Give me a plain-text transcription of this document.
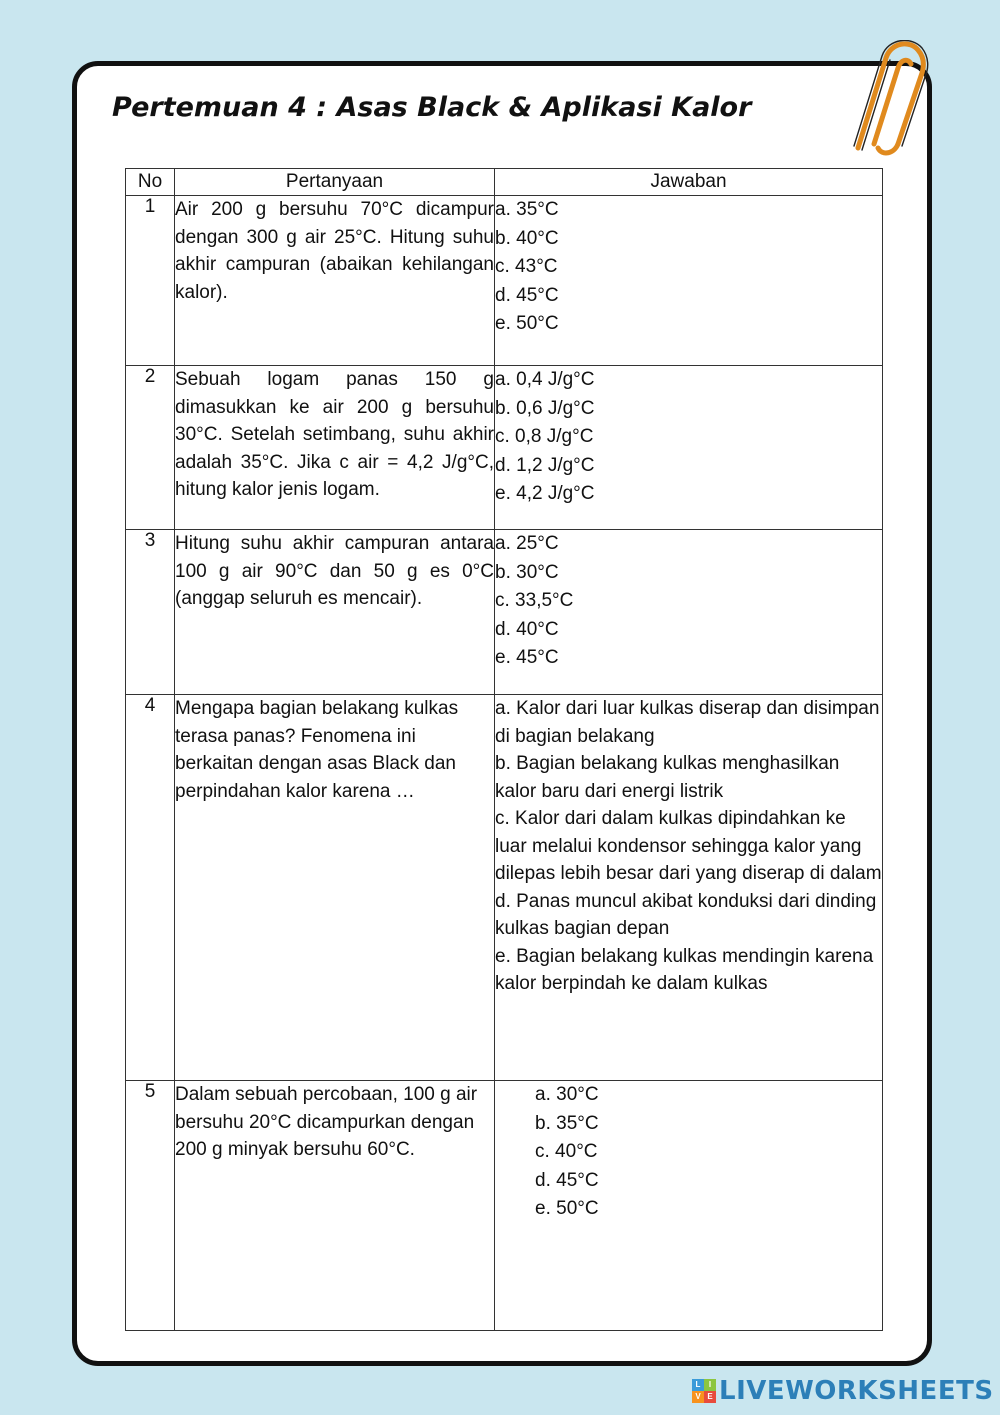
Pertemuan 4 : Asas Black & Aplikasi Kalor
No	Pertanyaan	Jawaban
1	Air 200 g bersuhu 70°C dicampur dengan 300 g air 25°C. Hitung suhu akhir campuran (abaikan kehilangan kalor).	a. 35°C
b. 40°C
c. 43°C
d. 45°C
e. 50°C

2	Sebuah logam panas 150 g dimasukkan ke air 200 g bersuhu 30°C. Setelah setimbang, suhu akhir adalah 35°C. Jika c air = 4,2 J/g°C, hitung kalor jenis logam.	a. 0,4 J/g°C
b. 0,6 J/g°C
c. 0,8 J/g°C
d. 1,2 J/g°C
e. 4,2 J/g°C

3	Hitung suhu akhir campuran antara 100 g air 90°C dan 50 g es 0°C (anggap seluruh es mencair).	a. 25°C
b. 30°C
c. 33,5°C
d. 40°C
e. 45°C

4	Mengapa bagian belakang kulkas terasa panas? Fenomena ini berkaitan dengan asas Black dan perpindahan kalor karena …	a. Kalor dari luar kulkas diserap dan disimpan di bagian belakang
b. Bagian belakang kulkas menghasilkan kalor baru dari energi listrik
c. Kalor dari dalam kulkas dipindahkan ke luar melalui kondensor sehingga kalor yang dilepas lebih besar dari yang diserap di dalam
d. Panas muncul akibat konduksi dari dinding kulkas bagian depan
e. Bagian belakang kulkas mendingin karena kalor berpindah ke dalam kulkas

5	Dalam sebuah percobaan, 100 g air bersuhu 20°C dicampurkan dengan 200 g minyak bersuhu 60°C.	a. 30°C
b. 35°C
c. 40°C
d. 45°C
e. 50°C
L	I
V E LIVEWORKSHEETS
